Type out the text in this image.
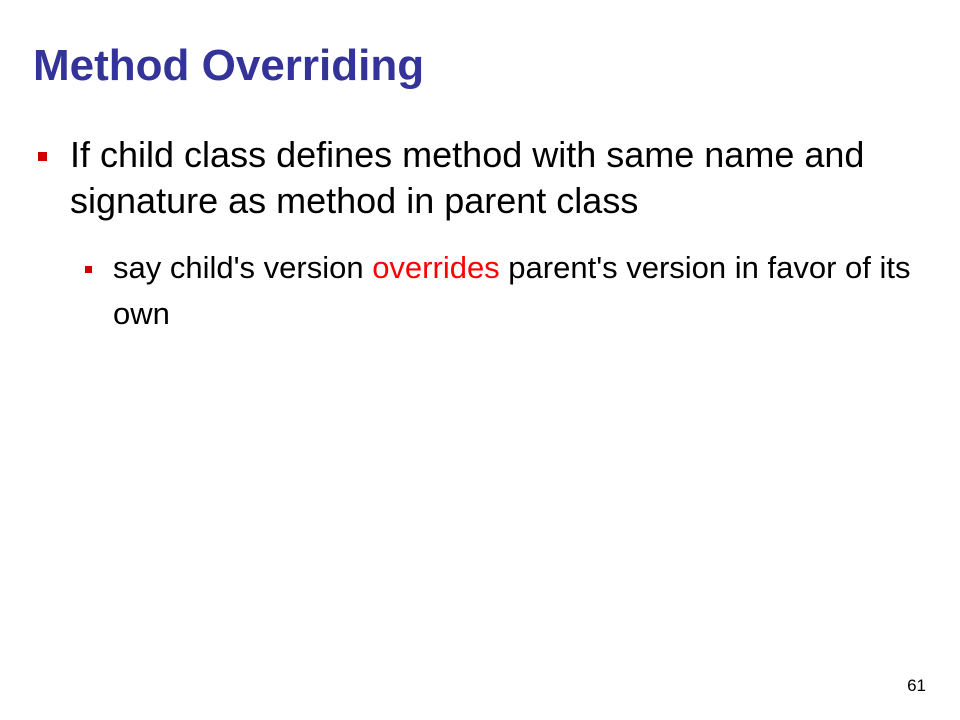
Method Overriding
If child class defines method with same name and signature as method in parent class
say child's version overrides parent's version in favor of its own
61
